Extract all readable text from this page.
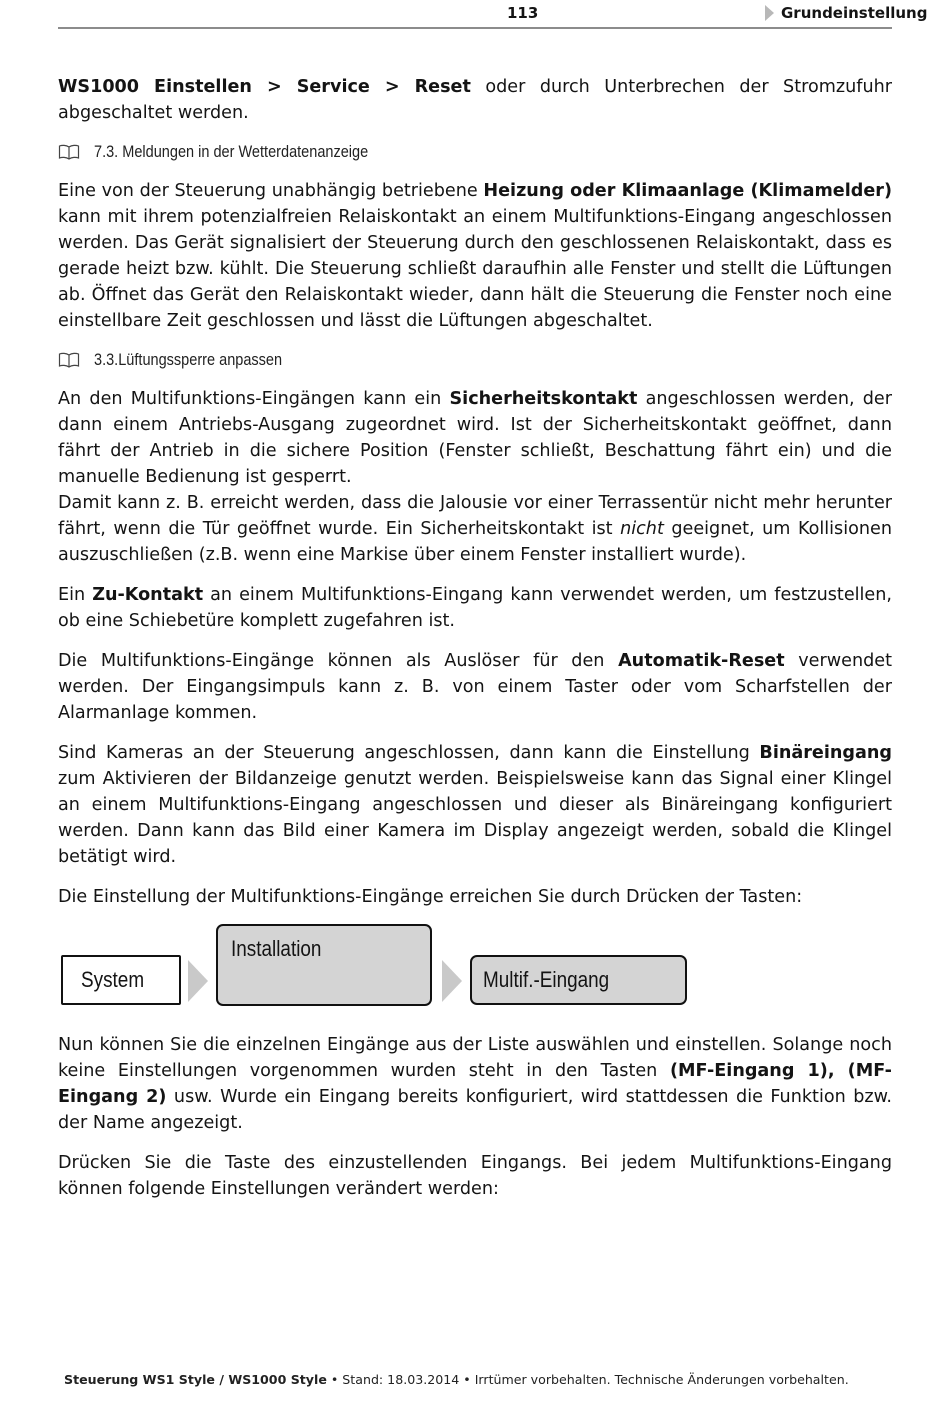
113	Grundeinstellung

WS1000 Einstellen > Service > Reset oder durch Unterbrechen der Stromzufuhr abgeschaltet werden.

7.3. Meldungen in der Wetterdatenanzeige

Eine von der Steuerung unabhängig betriebene Heizung oder Klimaanlage (Klimamelder) kann mit ihrem potenzialfreien Relaiskontakt an einem Multifunktions-Eingang angeschlossen werden. Das Gerät signalisiert der Steuerung durch den geschlossenen Relaiskontakt, dass es gerade heizt bzw. kühlt. Die Steuerung schließt daraufhin alle Fenster und stellt die Lüftungen ab. Öffnet das Gerät den Relaiskontakt wieder, dann hält die Steuerung die Fenster noch eine einstellbare Zeit geschlossen und lässt die Lüftungen abgeschaltet.

3.3.Lüftungssperre anpassen

An den Multifunktions-Eingängen kann ein Sicherheitskontakt angeschlossen werden, der dann einem Antriebs-Ausgang zugeordnet wird. Ist der Sicherheitskontakt geöffnet, dann fährt der Antrieb in die sichere Position (Fenster schließt, Beschattung fährt ein) und die manuelle Bedienung ist gesperrt.

Damit kann z. B. erreicht werden, dass die Jalousie vor einer Terrassentür nicht mehr herunter fährt, wenn die Tür geöffnet wurde. Ein Sicherheitskontakt ist nicht geeignet, um Kollisionen auszuschließen (z.B. wenn eine Markise über einem Fenster installiert wurde).

Ein Zu-Kontakt an einem Multifunktions-Eingang kann verwendet werden, um festzustellen, ob eine Schiebetüre komplett zugefahren ist.

Die Multifunktions-Eingänge können als Auslöser für den Automatik-Reset verwendet werden. Der Eingangsimpuls kann z. B. von einem Taster oder vom Scharfstellen der Alarmanlage kommen.

Sind Kameras an der Steuerung angeschlossen, dann kann die Einstellung Binäreingang zum Aktivieren der Bildanzeige genutzt werden. Beispielsweise kann das Signal einer Klingel an einem Multifunktions-Eingang angeschlossen und dieser als Binäreingang konfiguriert werden. Dann kann das Bild einer Kamera im Display angezeigt werden, sobald die Klingel betätigt wird.

Die Einstellung der Multifunktions-Eingänge erreichen Sie durch Drücken der Tasten:

System
Installation
Multif.-Eingang

Nun können Sie die einzelnen Eingänge aus der Liste auswählen und einstellen. Solange noch keine Einstellungen vorgenommen wurden steht in den Tasten (MF-Eingang 1), (MF-Eingang 2) usw. Wurde ein Eingang bereits konfiguriert, wird stattdessen die Funktion bzw. der Name angezeigt.

Drücken Sie die Taste des einzustellenden Eingangs. Bei jedem Multifunktions-Eingang können folgende Einstellungen verändert werden:

Steuerung WS1 Style / WS1000 Style • Stand: 18.03.2014 • Irrtümer vorbehalten. Technische Änderungen vorbehalten.
